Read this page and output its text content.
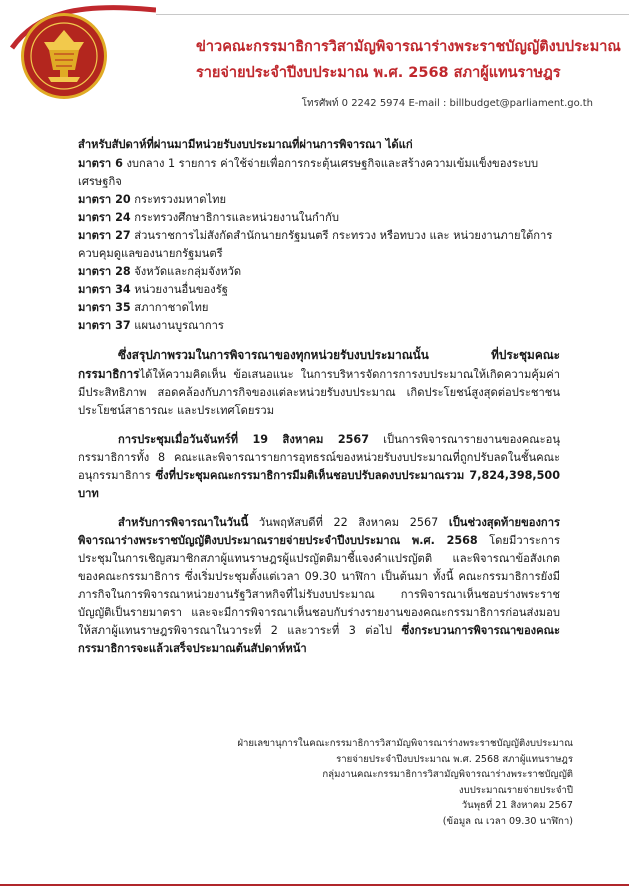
ข่าวคณะกรรมาธิการวิสามัญพิจารณาร่างพระราชบัญญัติงบประมาณ
รายจ่ายประจำปีงบประมาณ พ.ศ. 2568 สภาผู้แทนราษฎร
โทรศัพท์ 0 2242 5974 E-mail : billbudget@parliament.go.th

สำหรับสัปดาห์ที่ผ่านมามีหน่วยรับงบประมาณที่ผ่านการพิจารณา ได้แก่

มาตรา 6 งบกลาง 1 รายการ ค่าใช้จ่ายเพื่อการกระตุ้นเศรษฐกิจและสร้างความเข้มแข็งของระบบเศรษฐกิจ

มาตรา 20 กระทรวงมหาดไทย

มาตรา 24 กระทรวงศึกษาธิการและหน่วยงานในกำกับ

มาตรา 27 ส่วนราชการไม่สังกัดสำนักนายกรัฐมนตรี กระทรวง หรือทบวง และ หน่วยงานภายใต้การควบคุมดูแลของนายกรัฐมนตรี

มาตรา 28 จังหวัดและกลุ่มจังหวัด

มาตรา 34 หน่วยงานอื่นของรัฐ

มาตรา 35 สภากาชาดไทย

มาตรา 37 แผนงานบูรณาการ

ซึ่งสรุปภาพรวมในการพิจารณาของทุกหน่วยรับงบประมาณนั้น ที่ประชุมคณะกรรมาธิการได้ให้ความคิดเห็น ข้อเสนอแนะ ในการบริหารจัดการการงบประมาณให้เกิดความคุ้มค่า มีประสิทธิภาพ สอดคล้องกับภารกิจของแต่ละหน่วยรับงบประมาณ เกิดประโยชน์สูงสุดต่อประชาชน ประโยชน์สาธารณะ และประเทศโดยรวม

การประชุมเมื่อวันจันทร์ที่ 19 สิงหาคม 2567 เป็นการพิจารณารายงานของคณะอนุกรรมาธิการทั้ง 8 คณะและพิจารณารายการอุทธรณ์ของหน่วยรับงบประมาณที่ถูกปรับลดในชั้นคณะอนุกรรมาธิการ ซึ่งที่ประชุมคณะกรรมาธิการมีมติเห็นชอบปรับลดงบประมาณรวม 7,824,398,500 บาท

สำหรับการพิจารณาในวันนี้ วันพฤหัสบดีที่ 22 สิงหาคม 2567 เป็นช่วงสุดท้ายของการพิจารณาร่างพระราชบัญญัติงบประมาณรายจ่ายประจำปีงบประมาณ พ.ศ. 2568 โดยมีวาระการประชุมในการเชิญสมาชิกสภาผู้แทนราษฎรผู้แปรญัตติมาชี้แจงคำแปรญัตติ และพิจารณาข้อสังเกตของคณะกรรมาธิการ ซึ่งเริ่มประชุมตั้งแต่เวลา 09.30 นาฬิกา เป็นต้นมา ทั้งนี้ คณะกรรมาธิการยังมีภารกิจในการพิจารณาหน่วยงานรัฐวิสาหกิจที่ไม่รับงบประมาณ การพิจารณาเห็นชอบร่างพระราชบัญญัติเป็นรายมาตรา และจะมีการพิจารณาเห็นชอบกับร่างรายงานของคณะกรรมาธิการก่อนส่งมอบให้สภาผู้แทนราษฎรพิจารณาในวาระที่ 2 และวาระที่ 3 ต่อไป ซึ่งกระบวนการพิจารณาของคณะกรรมาธิการจะแล้วเสร็จประมาณต้นสัปดาห์หน้า

ฝ่ายเลขานุการในคณะกรรมาธิการวิสามัญพิจารณาร่างพระราชบัญญัติงบประมาณ

รายจ่ายประจำปีงบประมาณ พ.ศ. 2568 สภาผู้แทนราษฎร

กลุ่มงานคณะกรรมาธิการวิสามัญพิจารณาร่างพระราชบัญญัติ

งบประมาณรายจ่ายประจำปี

วันพุธที่ 21 สิงหาคม 2567

(ข้อมูล ณ เวลา 09.30 นาฬิกา)
